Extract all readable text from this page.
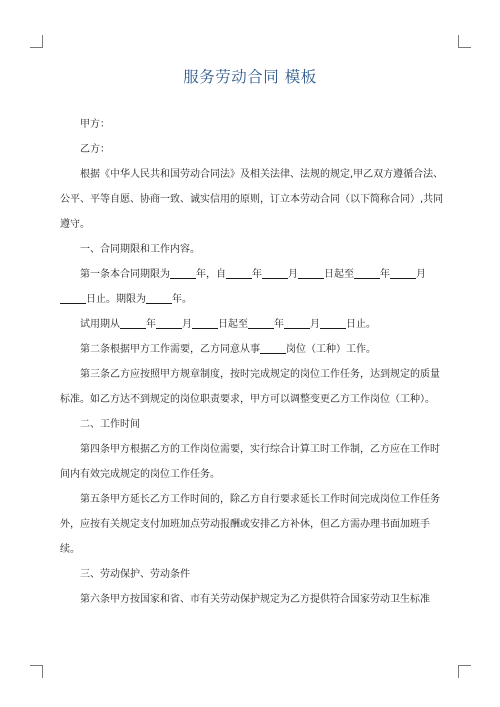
服务劳动合同 模板

甲方：

乙方：

根据《中华人民共和国劳动合同法》及相关法律、法规的规定,甲乙双方遵循合法、公平、平等自愿、协商一致、诚实信用的原则，订立本劳动合同（以下简称合同）,共同遵守。

一、合同期限和工作内容。

第一条本合同期限为	年，自	年	月	日起至	年	月日止。期限为	年。

试用期从	年	月	日起至	年	月	日止。

第二条根据甲方工作需要，乙方同意从事	岗位（工种）工作。

第三条乙方应按照甲方规章制度，按时完成规定的岗位工作任务，达到规定的质量标准。如乙方达不到规定的岗位职责要求，甲方可以调整变更乙方工作岗位（工种）。

二、工作时间

第四条甲方根据乙方的工作岗位需要，实行综合计算工时工作制，乙方应在工作时间内有效完成规定的岗位工作任务。

第五条甲方延长乙方工作时间的，除乙方自行要求延长工作时间完成岗位工作任务外，应按有关规定支付加班加点劳动报酬或安排乙方补休，但乙方需办理书面加班手续。

三、劳动保护、劳动条件

第六条甲方按国家和省、市有关劳动保护规定为乙方提供符合国家劳动卫生标准
